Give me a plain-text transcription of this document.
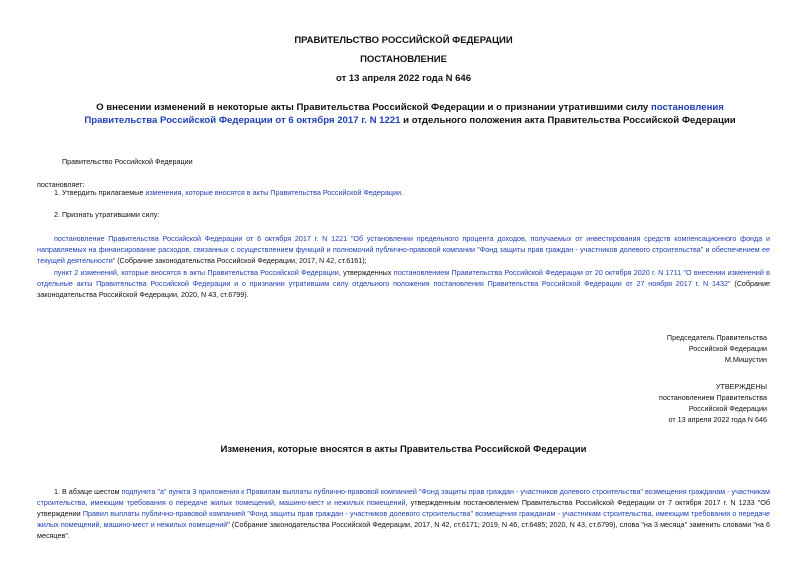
ПРАВИТЕЛЬСТВО РОССИЙСКОЙ ФЕДЕРАЦИИ
ПОСТАНОВЛЕНИЕ
от 13 апреля 2022 года N 646
О внесении изменений в некоторые акты Правительства Российской Федерации и о признании утратившими силу постановления Правительства Российской Федерации от 6 октября 2017 г. N 1221 и отдельного положения акта Правительства Российской Федерации
Правительство Российской Федерации
постановляет:
1. Утвердить прилагаемые изменения, которые вносятся в акты Правительства Российской Федерации.
2. Признать утратившими силу:
постановление Правительства Российской Федерации от 6 октября 2017 г. N 1221 "Об установлении предельного процента доходов, получаемых от инвестирования средств компенсационного фонда и направляемых на финансирование расходов, связанных с осуществлением функций и полномочий публично-правовой компании "Фонд защиты прав граждан - участников долевого строительства" и обеспечением ее текущей деятельности" (Собрание законодательства Российской Федерации, 2017, N 42, ст.6161);
пункт 2 изменений, которые вносятся в акты Правительства Российской Федерации, утвержденных постановлением Правительства Российской Федерации от 20 октября 2020 г. N 1711 "О внесении изменений в отдельные акты Правительства Российской Федерации и о признании утратившим силу отдельного положения постановления Правительства Российской Федерации от 27 ноября 2017 г. N 1432" (Собрание законодательства Российской Федерации, 2020, N 43, ст.6799).
Председатель Правительства
Российской Федерации
М.Мишустин
УТВЕРЖДЕНЫ
постановлением Правительства
Российской Федерации
от 13 апреля 2022 года N 646
Изменения, которые вносятся в акты Правительства Российской Федерации
1. В абзаце шестом подпункта "а" пункта 3 приложения к Правилам выплаты публично-правовой компанией "Фонд защиты прав граждан - участников долевого строительства" возмещения гражданам - участникам строительства, имеющим требования о передаче жилых помещений, машино-мест и нежилых помещений, утвержденным постановлением Правительства Российской Федерации от 7 октября 2017 г. N 1233 "Об утверждении Правил выплаты публично-правовой компанией "Фонд защиты прав граждан - участников долевого строительства" возмещения гражданам - участникам строительства, имеющим требования о передаче жилых помещений, машино-мест и нежилых помещений" (Собрание законодательства Российской Федерации, 2017, N 42, ст.6171; 2019, N 46, ст.6485; 2020, N 43, ст.6799), слова "на 3 месяца" заменить словами "на 6 месяцев".
